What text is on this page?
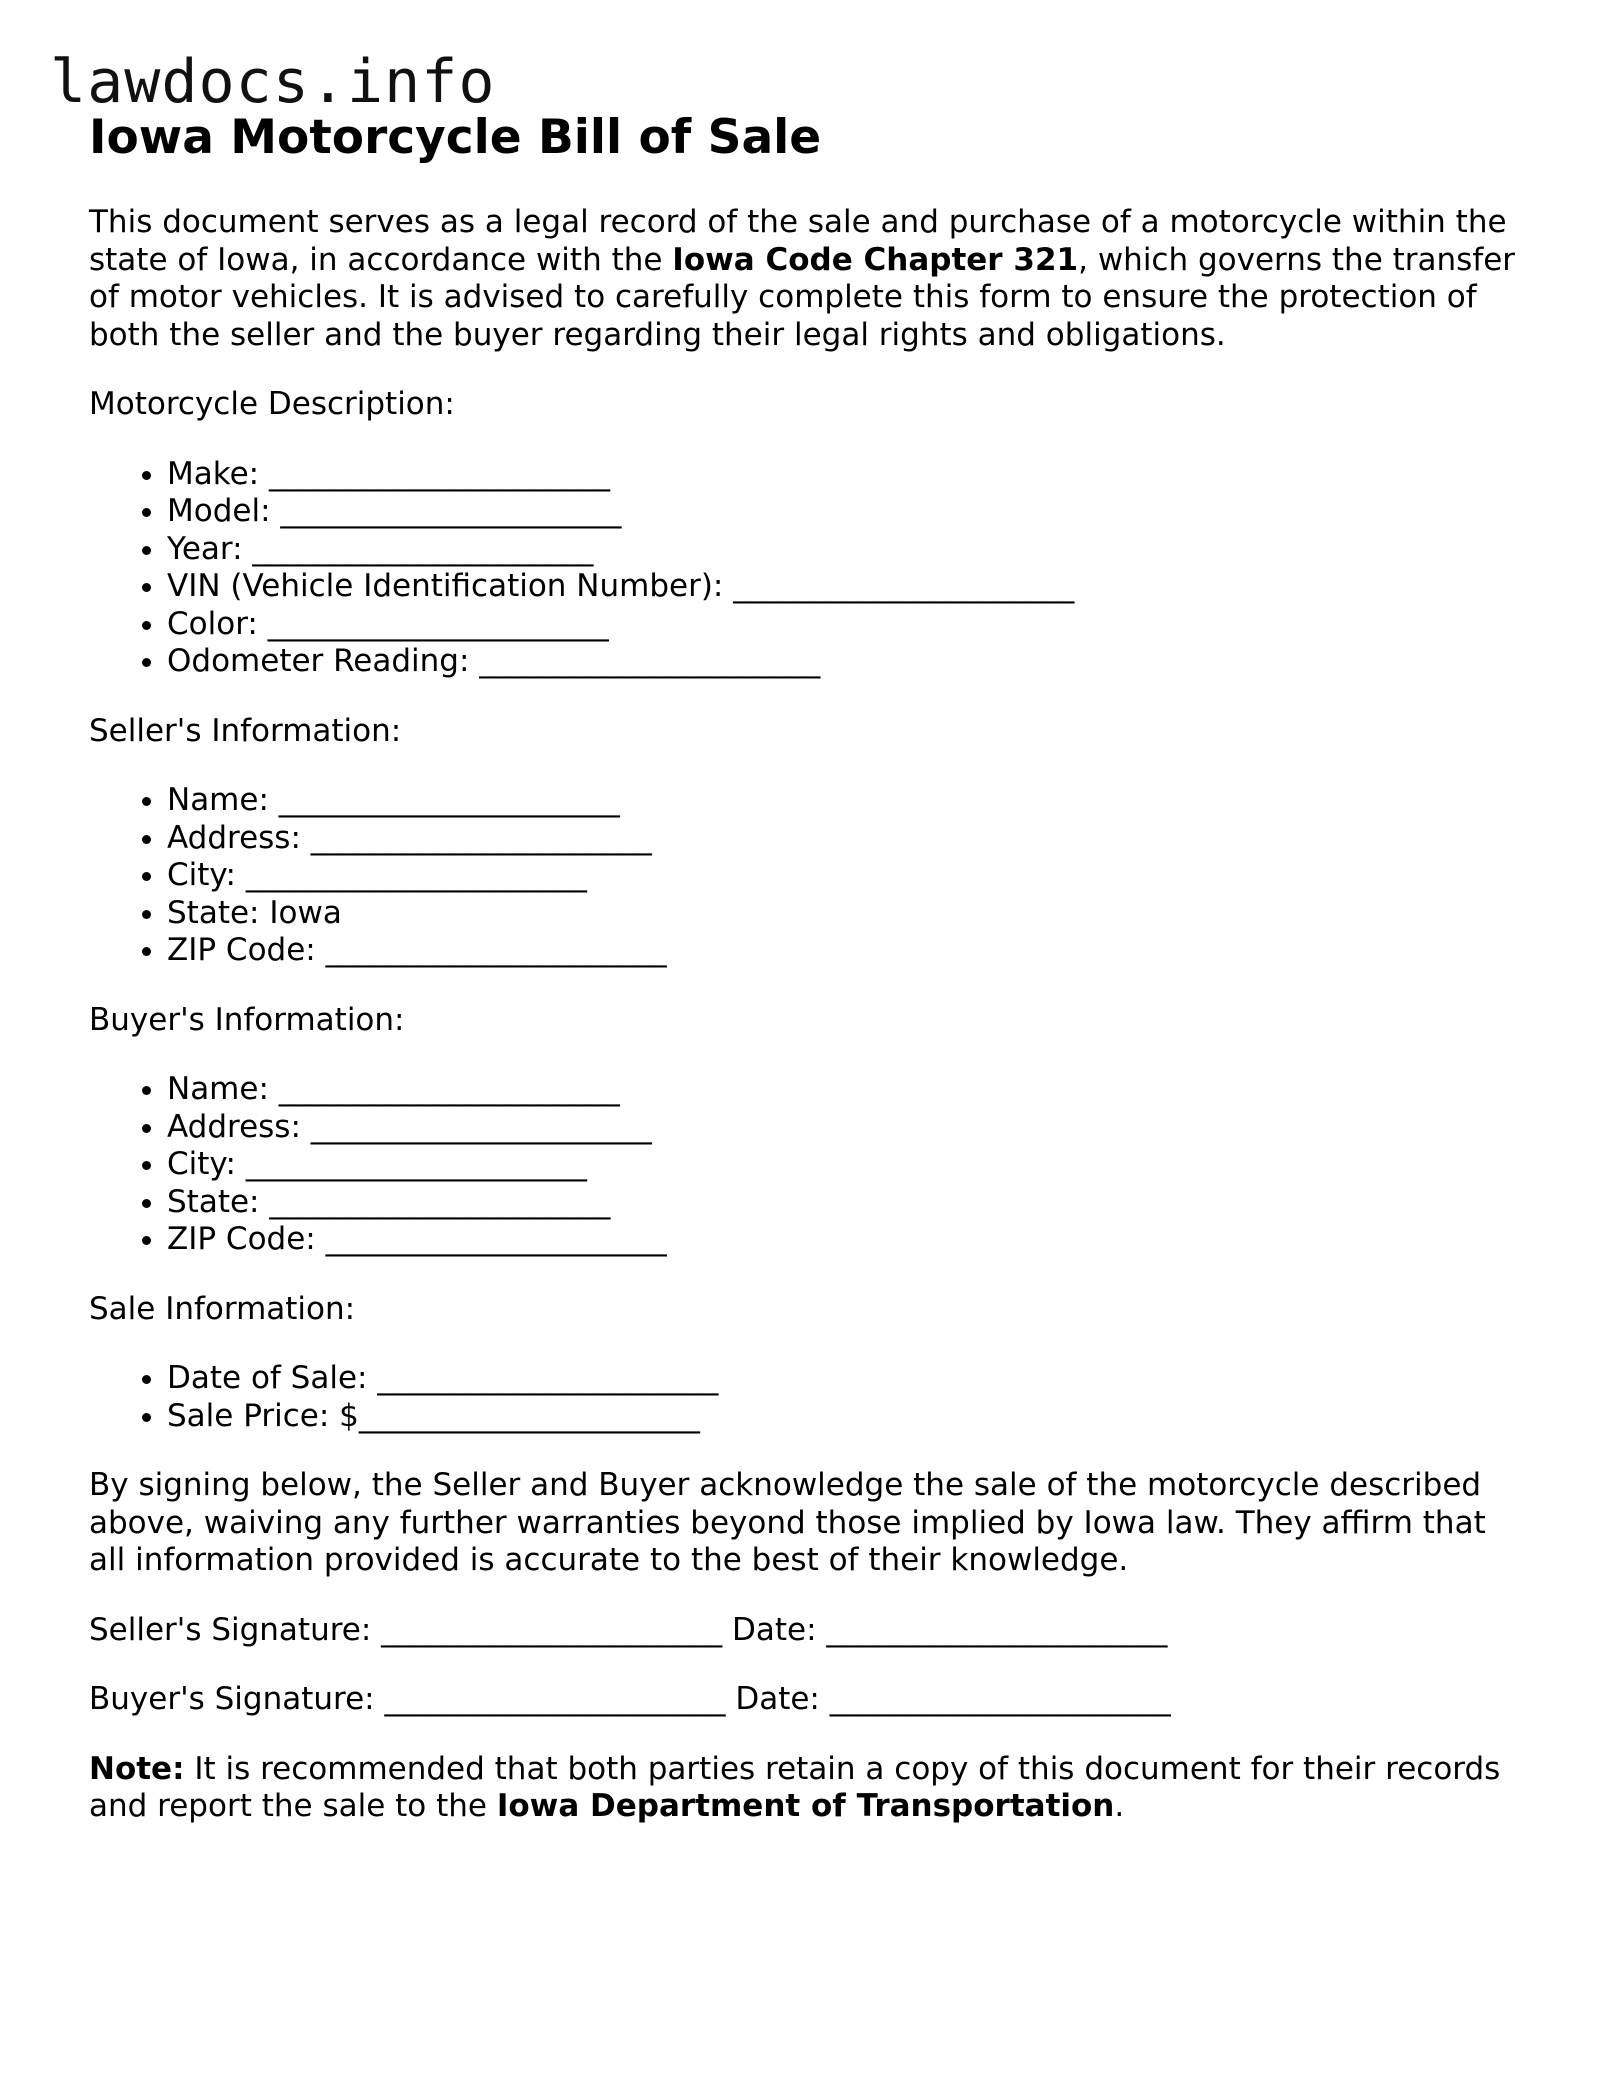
lawdocs.info
Iowa Motorcycle Bill of Sale

This document serves as a legal record of the sale and purchase of a motorcycle within the state of Iowa, in accordance with the Iowa Code Chapter 321, which governs the transfer of motor vehicles. It is advised to carefully complete this form to ensure the protection of both the seller and the buyer regarding their legal rights and obligations.

Motorcycle Description:
• Make: ______________________
• Model: ______________________
• Year: ______________________
• VIN (Vehicle Identification Number): ______________________
• Color: ______________________
• Odometer Reading: ______________________
Seller's Information:
• Name: ______________________
• Address: ______________________
• City: ______________________
• State: Iowa
• ZIP Code: ______________________
Buyer's Information:
• Name: ______________________
• Address: ______________________
• City: ______________________
• State: ______________________
• ZIP Code: ______________________
Sale Information:
• Date of Sale: ______________________
• Sale Price: $______________________

By signing below, the Seller and Buyer acknowledge the sale of the motorcycle described above, waiving any further warranties beyond those implied by Iowa law. They affirm that all information provided is accurate to the best of their knowledge.

Seller's Signature: ______________________ Date: ______________________
Buyer's Signature: ______________________ Date: ______________________

Note: It is recommended that both parties retain a copy of this document for their records and report the sale to the Iowa Department of Transportation.
